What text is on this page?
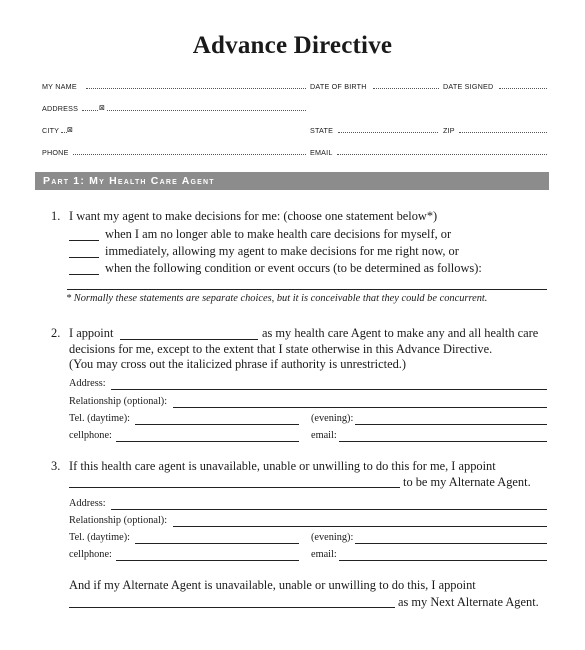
Advance Directive
MY NAME	DATE OF BIRTH	DATE SIGNED
ADDRESS	⊠
CITY ⊠	STATE	ZIP
PHONE	EMAIL
Part 1: My Health Care Agent
1. I want my agent to make decisions for me: (choose one statement below*)
when I am no longer able to make health care decisions for myself, or
immediately, allowing my agent to make decisions for me right now, or
when the following condition or event occurs (to be determined as follows):
* Normally these statements are separate choices, but it is conceivable that they could be concurrent.
2. I appoint	as my health care Agent to make any and all health care
decisions for me, except to the extent that I state otherwise in this Advance Directive.
(You may cross out the italicized phrase if authority is unrestricted.)
Address:
Relationship (optional):
Tel. (daytime):	(evening):
cellphone:	email:
3. If this health care agent is unavailable, unable or unwilling to do this for me, I appoint
to be my Alternate Agent.
Address:
Relationship (optional):
Tel. (daytime):	(evening):
cellphone:	email:
And if my Alternate Agent is unavailable, unable or unwilling to do this, I appoint
as my Next Alternate Agent.
